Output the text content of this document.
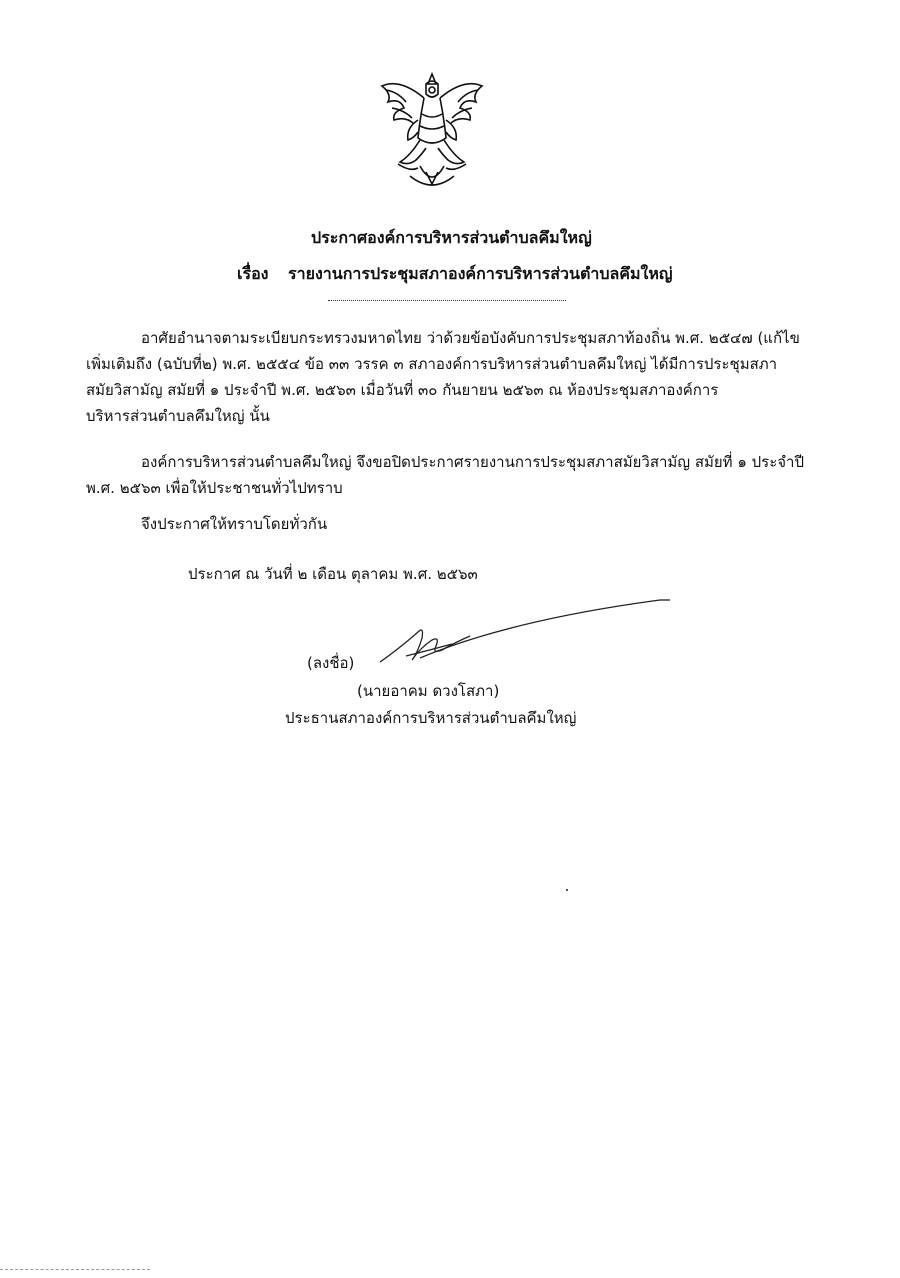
ประกาศองค์การบริหารส่วนตำบลคึมใหญ่
เรื่อง รายงานการประชุมสภาองค์การบริหารส่วนตำบลคึมใหญ่
อาศัยอำนาจตามระเบียบกระทรวงมหาดไทย ว่าด้วยข้อบังคับการประชุมสภาท้องถิ่น พ.ศ. ๒๕๔๗ (แก้ไข
เพิ่มเติมถึง (ฉบับที่๒) พ.ศ. ๒๕๕๔ ข้อ ๓๓ วรรค ๓ สภาองค์การบริหารส่วนตำบลคึมใหญ่ ได้มีการประชุมสภา
สมัยวิสามัญ สมัยที่ ๑ ประจำปี พ.ศ. ๒๕๖๓ เมื่อวันที่ ๓๐ กันยายน ๒๕๖๓ ณ ห้องประชุมสภาองค์การ
บริหารส่วนตำบลคึมใหญ่ นั้น
องค์การบริหารส่วนตำบลคึมใหญ่ จึงขอปิดประกาศรายงานการประชุมสภาสมัยวิสามัญ สมัยที่ ๑ ประจำปี
พ.ศ. ๒๕๖๓ เพื่อให้ประชาชนทั่วไปทราบ
จึงประกาศให้ทราบโดยทั่วกัน
ประกาศ ณ วันที่ ๒ เดือน ตุลาคม พ.ศ. ๒๕๖๓
(ลงชื่อ)
(นายอาคม ดวงโสภา)
ประธานสภาองค์การบริหารส่วนตำบลคึมใหญ่
